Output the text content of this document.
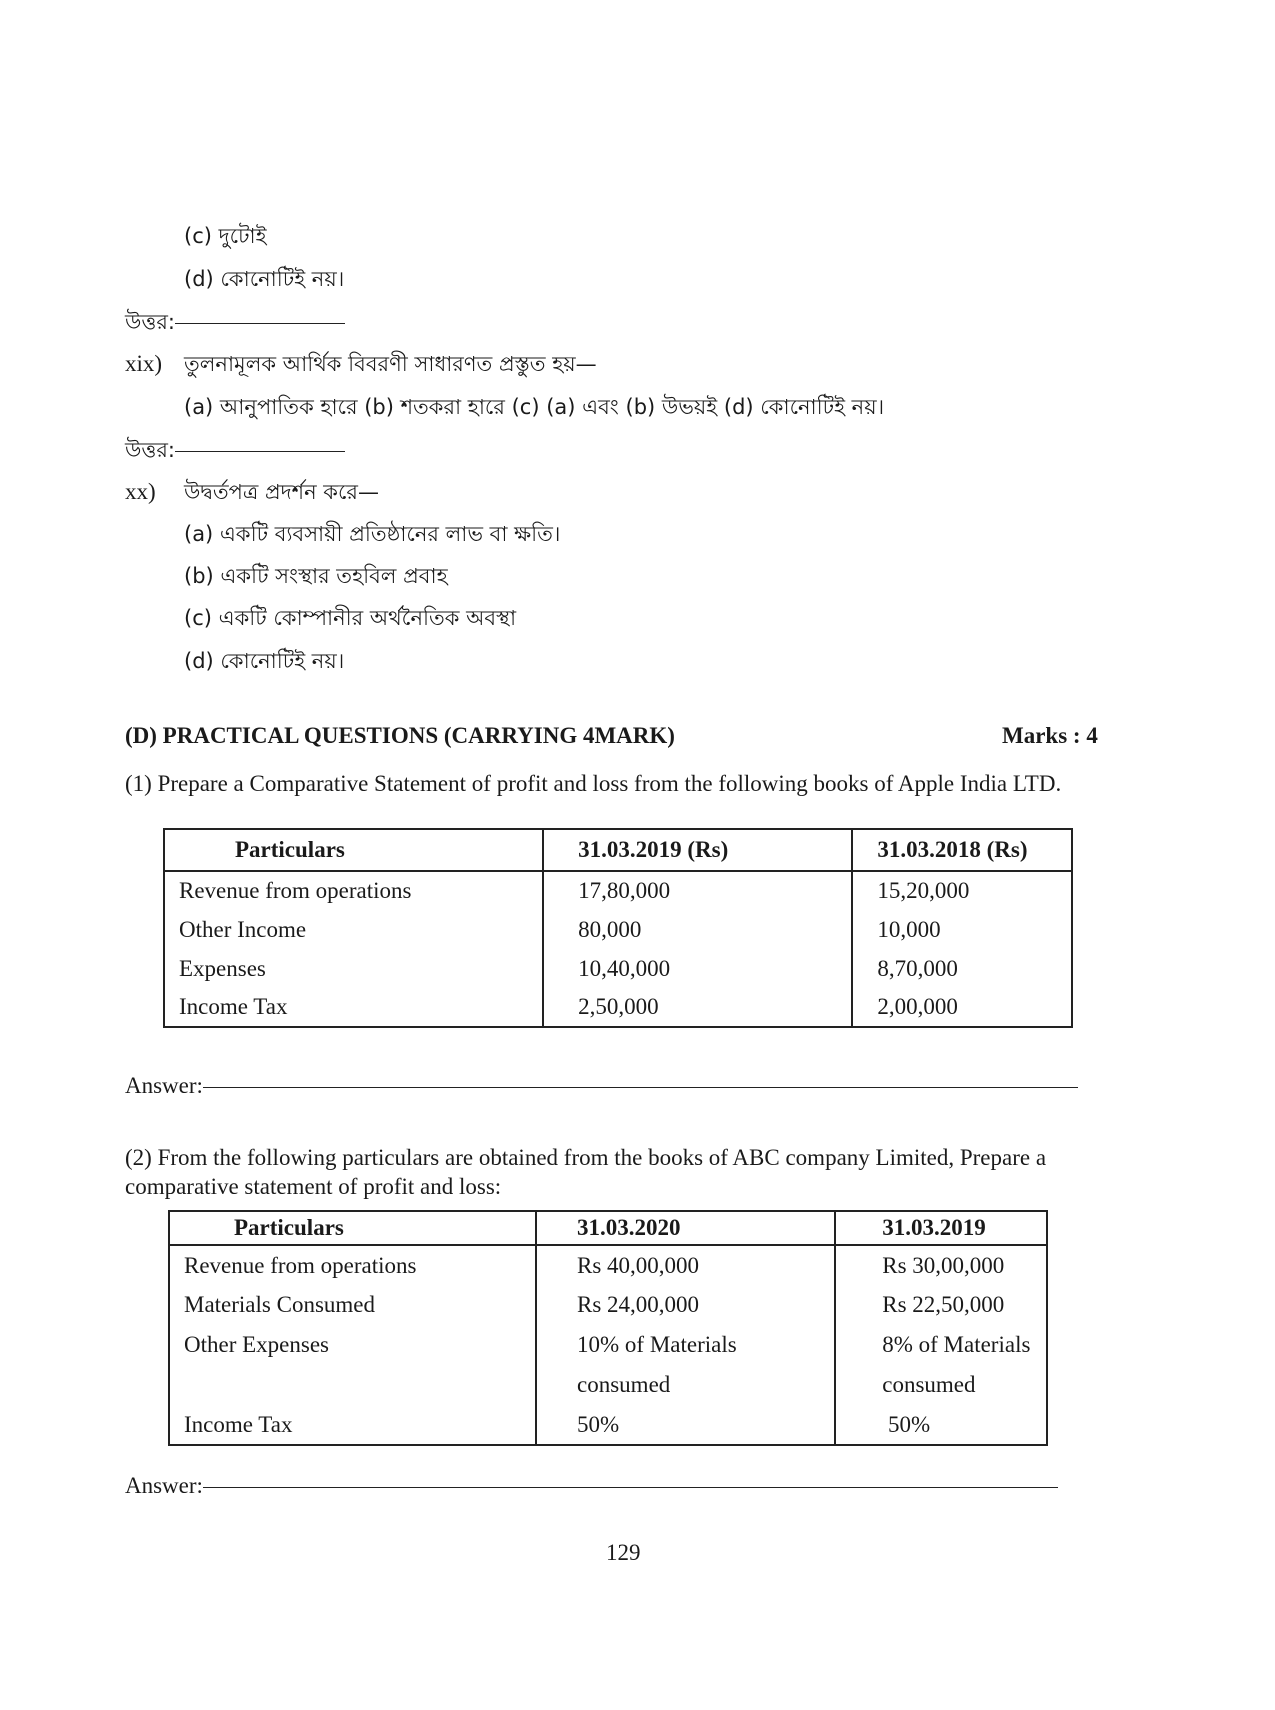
(c) দুটোই
(d) কোনোটিই নয়।
উত্তর:
xix) তুলনামূলক আর্থিক বিবরণী সাধারণত প্রস্তুত হয়—
(a) আনুপাতিক হারে (b) শতকরা হারে (c) (a) এবং (b) উভয়ই (d) কোনোটিই নয়।
উত্তর:
xx) উদ্বর্তপত্র প্রদর্শন করে—
(a) একটি ব্যবসায়ী প্রতিষ্ঠানের লাভ বা ক্ষতি।
(b) একটি সংস্থার তহবিল প্রবাহ
(c) একটি কোম্পানীর অর্থনৈতিক অবস্থা
(d) কোনোটিই নয়।
(D) PRACTICAL QUESTIONS (CARRYING 4MARK)	Marks : 4
(1) Prepare a Comparative Statement of profit and loss from the following books of Apple India LTD.
Particulars	31.03.2019 (Rs)	31.03.2018 (Rs)
Revenue from operations	17,80,000	15,20,000
Other Income	80,000	10,000
Expenses	10,40,000	8,70,000
Income Tax	2,50,000	2,00,000
Answer:
(2) From the following particulars are obtained from the books of ABC company Limited, Prepare a
comparative statement of profit and loss:
Particulars	31.03.2020	31.03.2019
Revenue from operations	Rs 40,00,000	Rs 30,00,000
Materials Consumed	Rs 24,00,000	Rs 22,50,000
Other Expenses	10% of Materials	8% of Materials
	consumed	consumed
Income Tax	50%	50%
Answer:
129
